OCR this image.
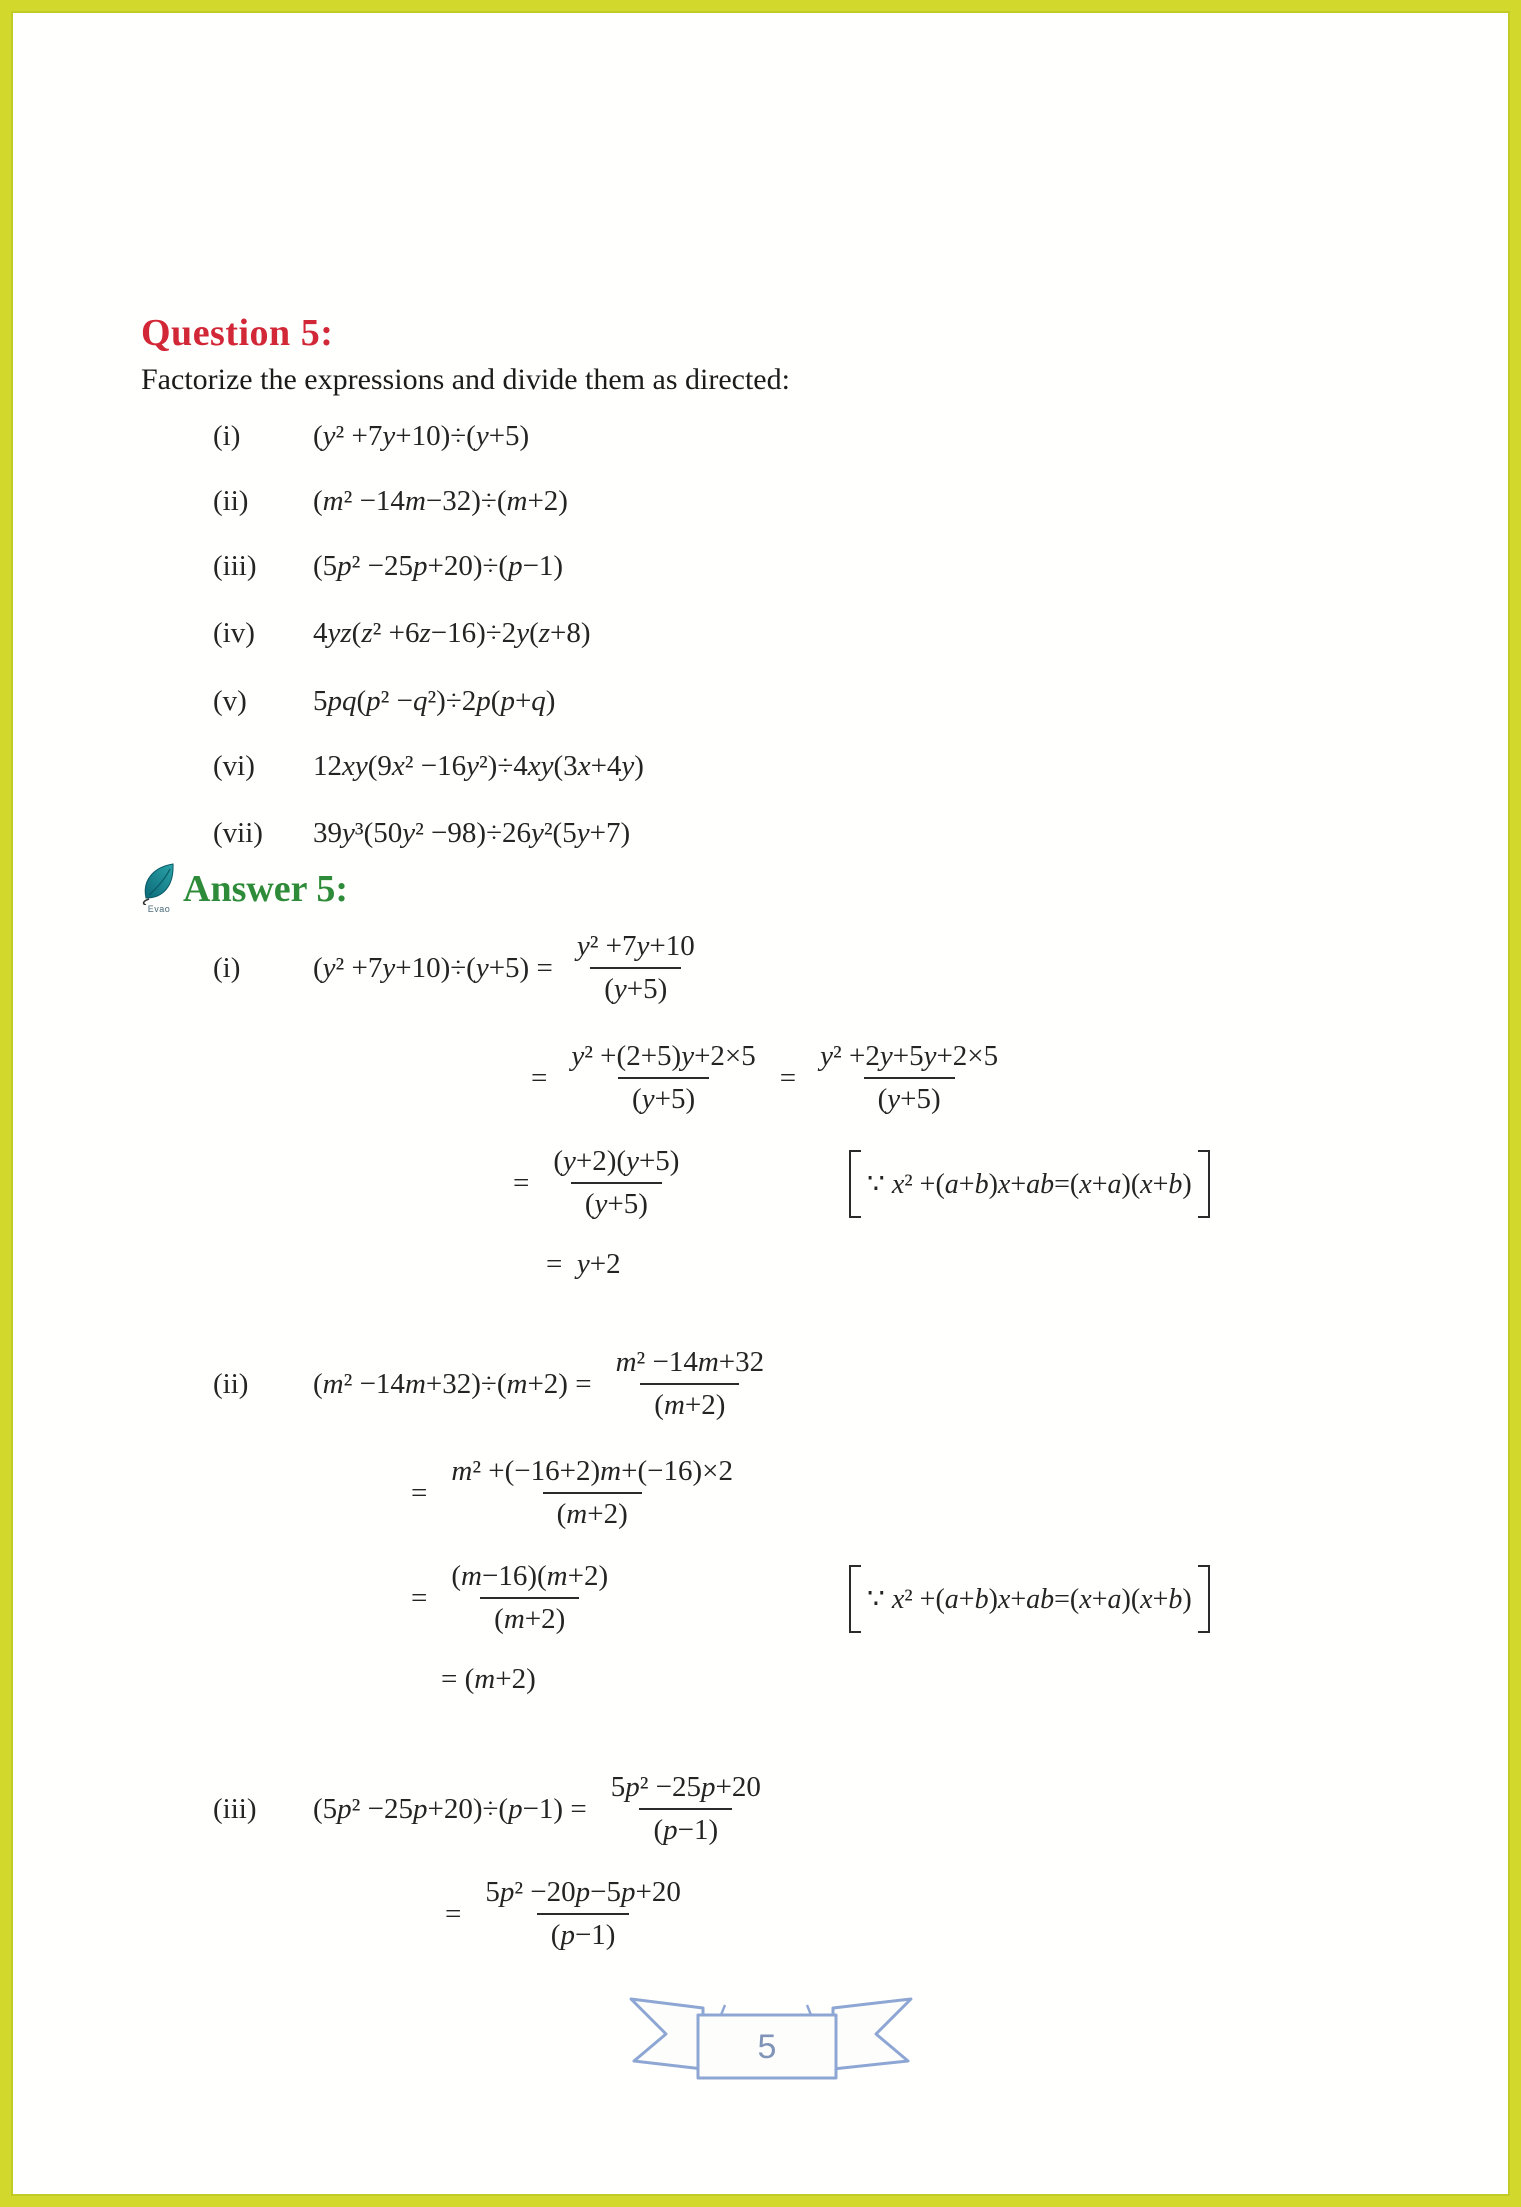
Question 5:
Factorize the expressions and divide them as directed:
(i)	(y² +7y+10)÷(y+5)
(ii)	(m² −14m−32)÷(m+2)
(iii)	(5p² −25p+20)÷(p−1)
(iv)	4yz(z² +6z−16)÷2y(z+8)
(v)	5pq(p² −q²)÷2p(p+q)
(vi)	12xy(9x² −16y²)÷4xy(3x+4y)
(vii)	39y³(50y² −98)÷26y²(5y+7)
Evao Answer 5:
(i)	$(y^2 +7y+10)\div(y+5) = \frac{\text{y² +7y+10}}{(y+5)}$
= $\frac{\text{y² +(2+5)y+2×5}}{(y+5)} = \frac{\text{y² +2y+5y+2×5}}{(y+5)}$
= $\frac{(y+2)(y+5)}{(y+5)}$	∵ x² +(a+b)x+ab=(x+a)(x+b)
=  y+2
(ii)	$(m^2 -14m+32)\div(m+2) = \frac{\text{m² −14m+32}}{(m+2)}$
= $\frac{\text{m² +(−16+2)m+(−16)×2}}{(m+2)}$
= $\frac{(m-16)(m+2)}{(m+2)}$	∵ x² +(a+b)x+ab=(x+a)(x+b)
= (m+2)
(iii)	$(5p^2 -25p+20)\div(p-1) = \frac{\text{5p² −25p+20}}{(p-1)}$
= $\frac{\text{5p² −20p−5p+20}}{(p-1)}$
5
